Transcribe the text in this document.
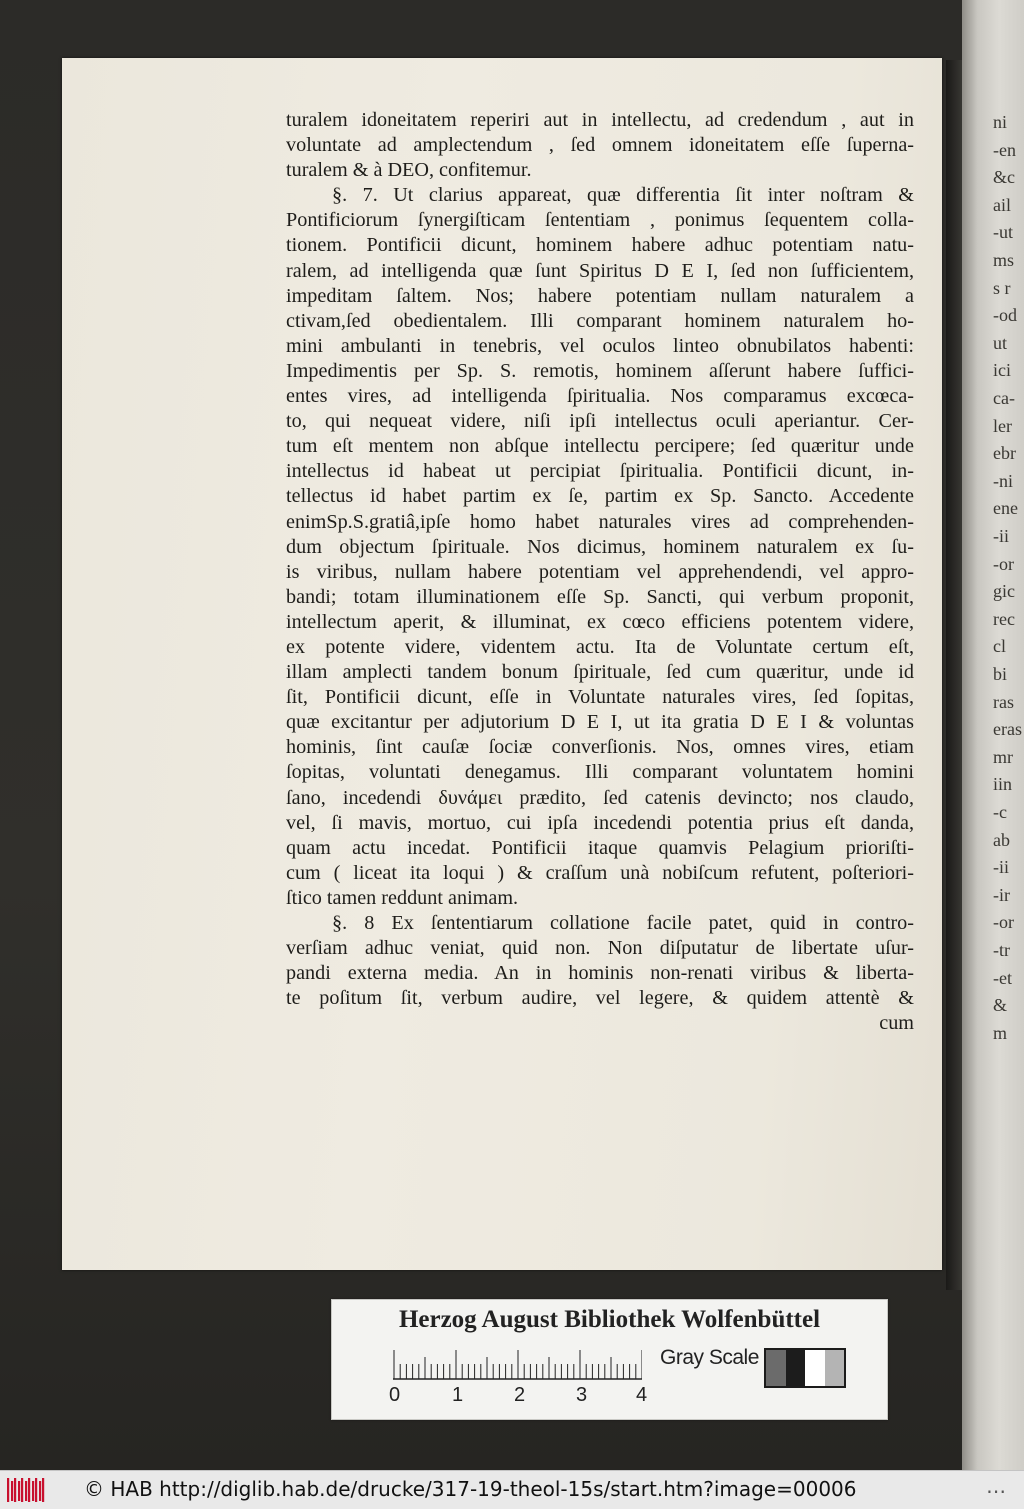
ni
-en
&c
ail
-ut
ms
s r
-od
ut
ici
ca-
ler
ebr
-ni
ene
-ii
-or
gic
rec
cl
bi
ras
eras
mr
iin
-c
ab
-ii
-ir
-or
-tr
-et
&
m
turalem idoneitatem reperiri aut in intellectu, ad credendum , aut in
voluntate ad amplectendum , ſed omnem idoneitatem eſſe ſuperna-
turalem & à DEO, confitemur.
§. 7. Ut clarius appareat, quæ differentia ſit inter noſtram &
Pontificiorum ſynergiſticam ſententiam , ponimus ſequentem colla-
tionem. Pontificii dicunt, hominem habere adhuc potentiam natu-
ralem, ad intelligenda quæ ſunt Spiritus D E I, ſed non ſufficientem,
impeditam ſaltem. Nos; habere potentiam nullam naturalem a
ctivam,ſed obedientalem. Illi comparant hominem naturalem ho-
mini ambulanti in tenebris, vel oculos linteo obnubilatos habenti:
Impedimentis per Sp. S. remotis, hominem aſſerunt habere ſuffici-
entes vires, ad intelligenda ſpiritualia. Nos comparamus excœca-
to, qui nequeat videre, niſi ipſi intellectus oculi aperiantur. Cer-
tum eſt mentem non abſque intellectu percipere; ſed quæritur unde
intellectus id habeat ut percipiat ſpiritualia. Pontificii dicunt, in-
tellectus id habet partim ex ſe, partim ex Sp. Sancto. Accedente
enimSp.S.gratiâ,ipſe homo habet naturales vires ad comprehenden-
dum objectum ſpirituale. Nos dicimus, hominem naturalem ex ſu-
is viribus, nullam habere potentiam vel apprehendendi, vel appro-
bandi; totam illuminationem eſſe Sp. Sancti, qui verbum proponit,
intellectum aperit, & illuminat, ex cœco efficiens potentem videre,
ex potente videre, videntem actu. Ita de Voluntate certum eſt,
illam amplecti tandem bonum ſpirituale, ſed cum quæritur, unde id
ſit, Pontificii dicunt, eſſe in Voluntate naturales vires, ſed ſopitas,
quæ excitantur per adjutorium D E I, ut ita gratia D E I & voluntas
hominis, ſint cauſæ ſociæ converſionis. Nos, omnes vires, etiam
ſopitas, voluntati denegamus. Illi comparant voluntatem homini
ſano, incedendi δυνάμει prædito, ſed catenis devincto; nos claudo,
vel, ſi mavis, mortuo, cui ipſa incedendi potentia prius eſt danda,
quam actu incedat. Pontificii itaque quamvis Pelagium prioriſti-
cum ( liceat ita loqui ) & craſſum unà nobiſcum refutent, poſteriori-
ſtico tamen reddunt animam.
§. 8 Ex ſententiarum collatione facile patet, quid in contro-
verſiam adhuc veniat, quid non. Non diſputatur de libertate uſur-
pandi externa media. An in hominis non-renati viribus & liberta-
te poſitum ſit, verbum audire, vel legere, & quidem attentè &
cum
Herzog August Bibliothek Wolfenbüttel
0	1	2	3 4
Gray Scale
© HAB http://diglib.hab.de/drucke/317-19-theol-15s/start.htm?image=00006	⋯
